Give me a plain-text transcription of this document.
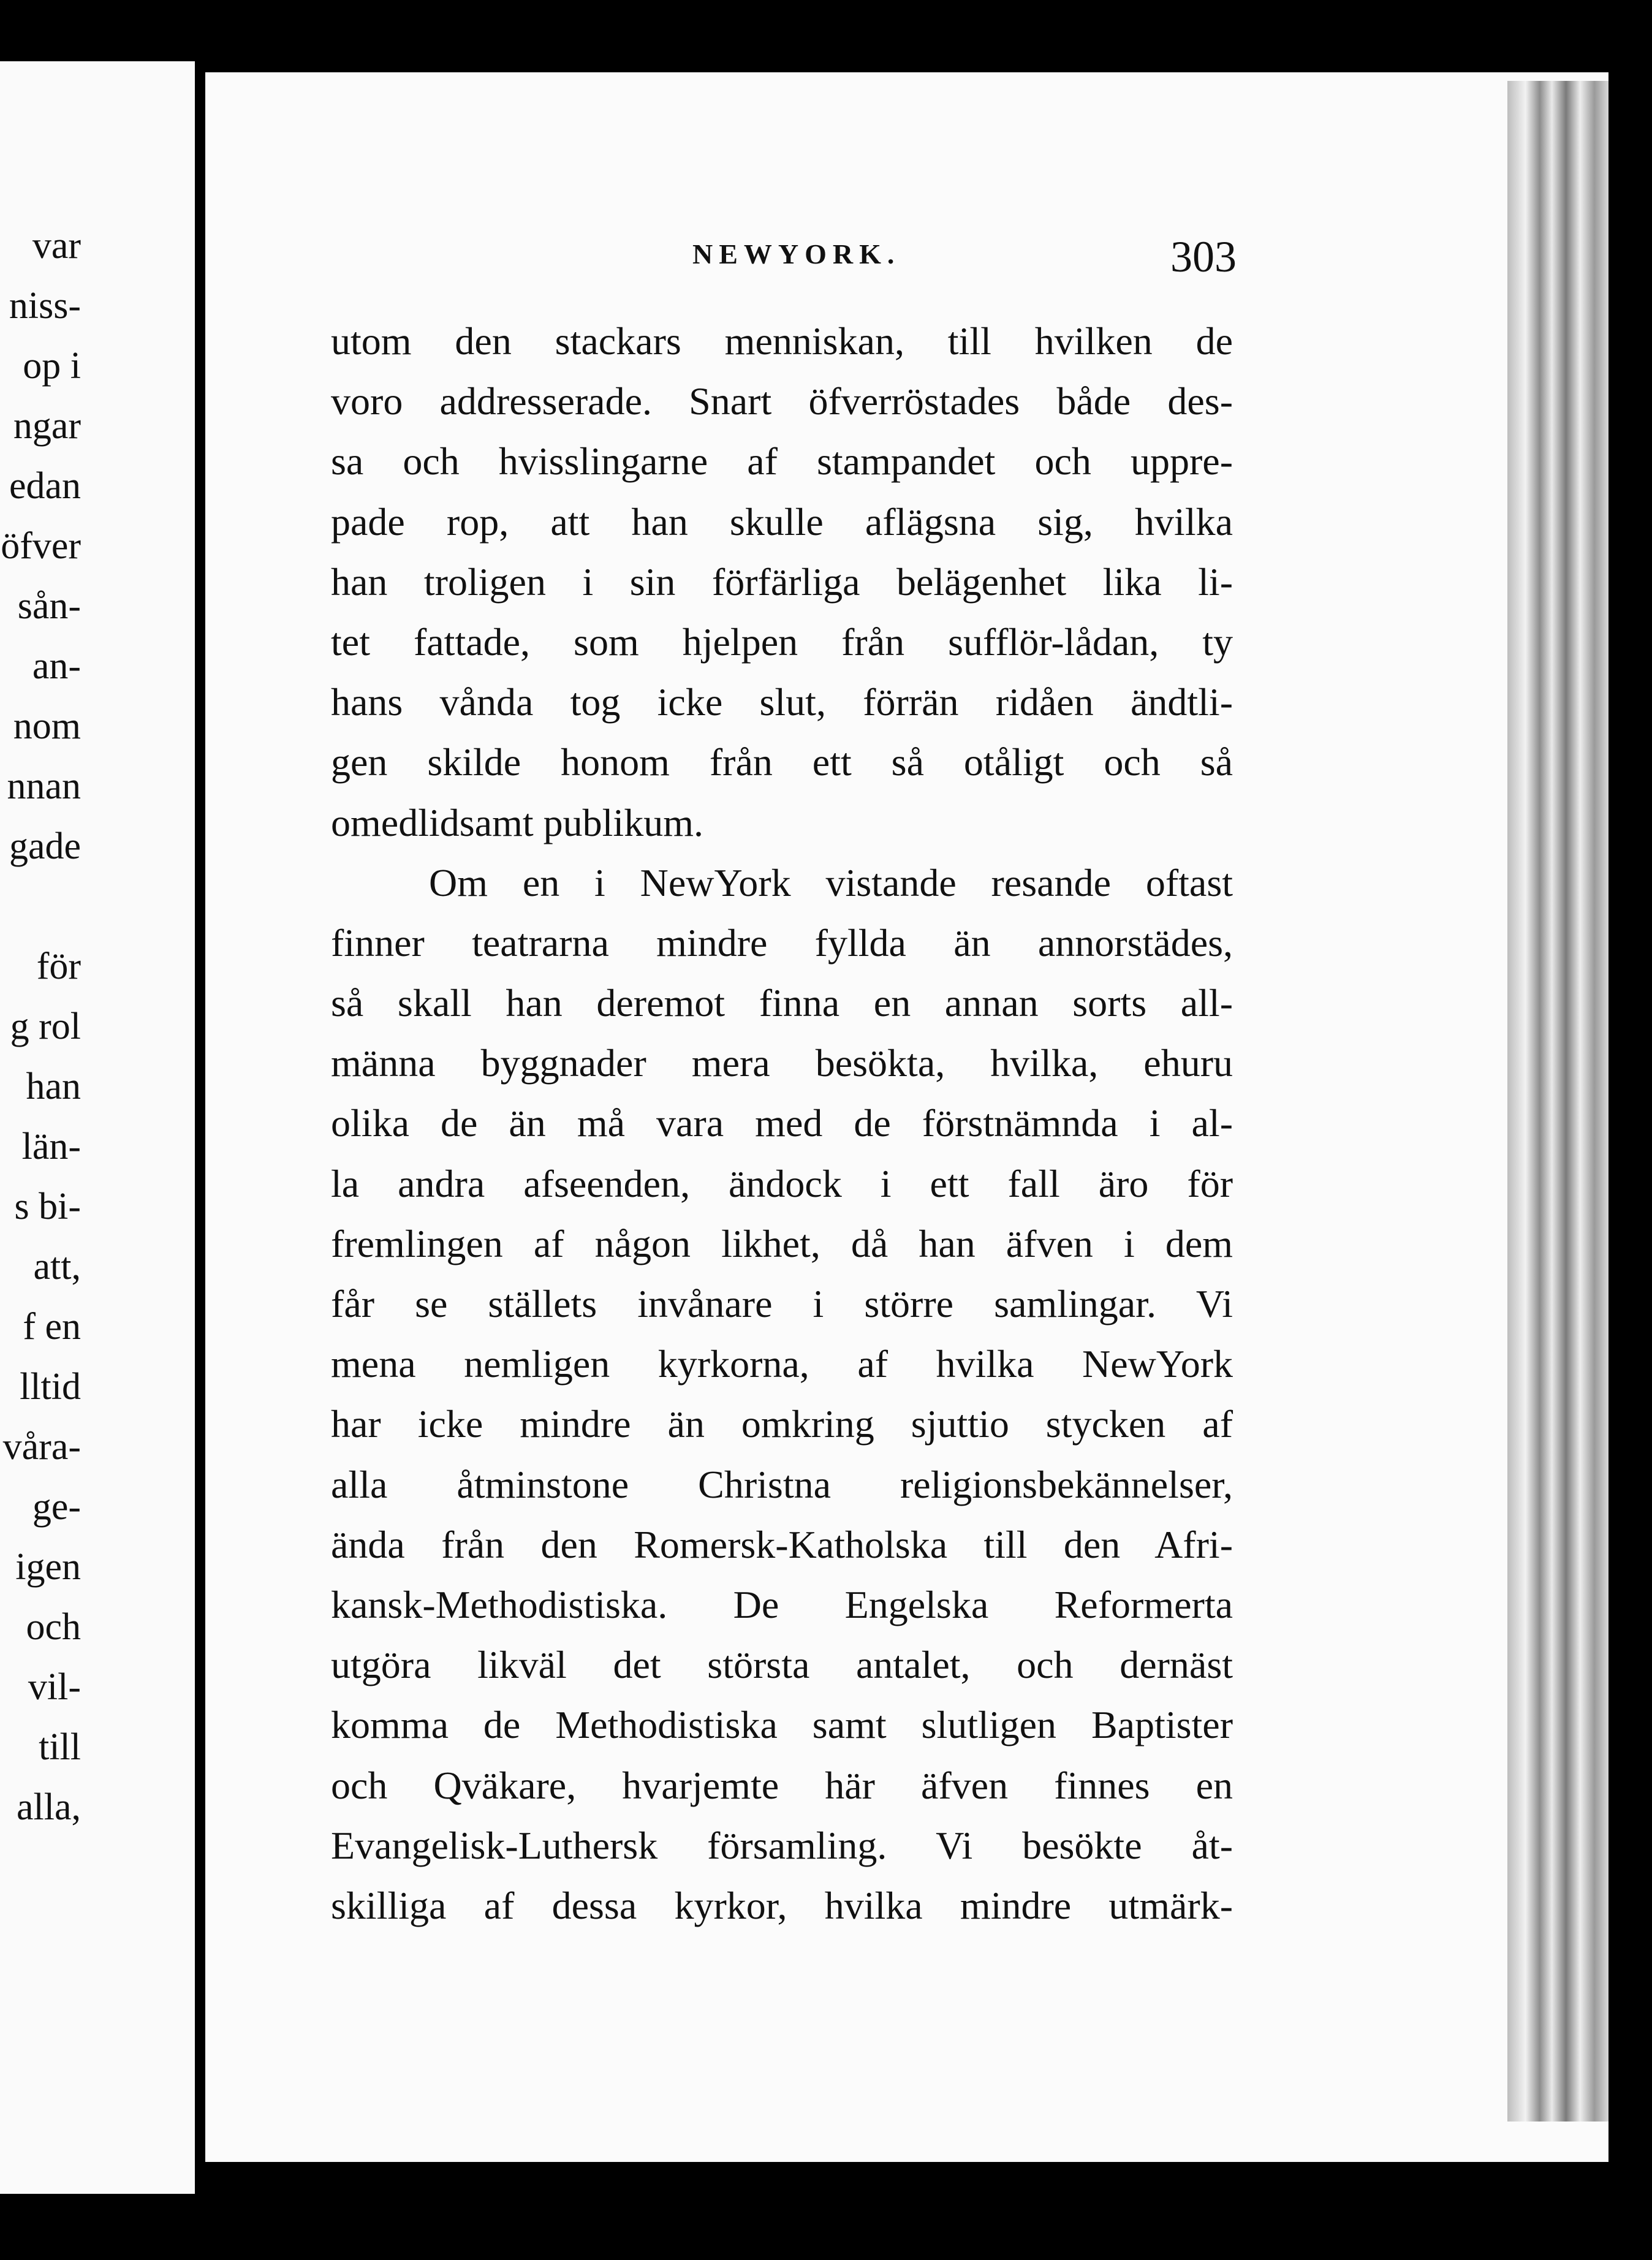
var
niss-
op i
ngar
edan
öfver
sån-
an-
nom
nnan
gade
för
g rol
han
län-
s bi-
att,
f en
lltid
våra-
ge-
igen
och
vil-
till
alla,
NEWYORK.	303
utom den stackars menniskan, till hvilken de
voro addresserade. Snart öfverröstades både des-
sa och hvisslingarne af stampandet och uppre-
pade rop, att han skulle aflägsna sig, hvilka
han troligen i sin förfärliga belägenhet lika li-
tet fattade, som hjelpen från sufflör-lådan, ty
hans vånda tog icke slut, förrän ridåen ändtli-
gen skilde honom från ett så otåligt och så
omedlidsamt publikum.
Om en i NewYork vistande resande oftast
finner teatrarna mindre fyllda än annorstädes,
så skall han deremot finna en annan sorts all-
männa byggnader mera besökta, hvilka, ehuru
olika de än må vara med de förstnämnda i al-
la andra afseenden, ändock i ett fall äro för
fremlingen af någon likhet, då han äfven i dem
får se ställets invånare i större samlingar. Vi
mena nemligen kyrkorna, af hvilka NewYork
har icke mindre än omkring sjuttio stycken af
alla åtminstone Christna religionsbekännelser,
ända från den Romersk-Katholska till den Afri-
kansk-Methodistiska. De Engelska Reformerta
utgöra likväl det största antalet, och dernäst
komma de Methodistiska samt slutligen Baptister
och Qväkare, hvarjemte här äfven finnes en
Evangelisk-Luthersk församling. Vi besökte åt-
skilliga af dessa kyrkor, hvilka mindre utmärk-
